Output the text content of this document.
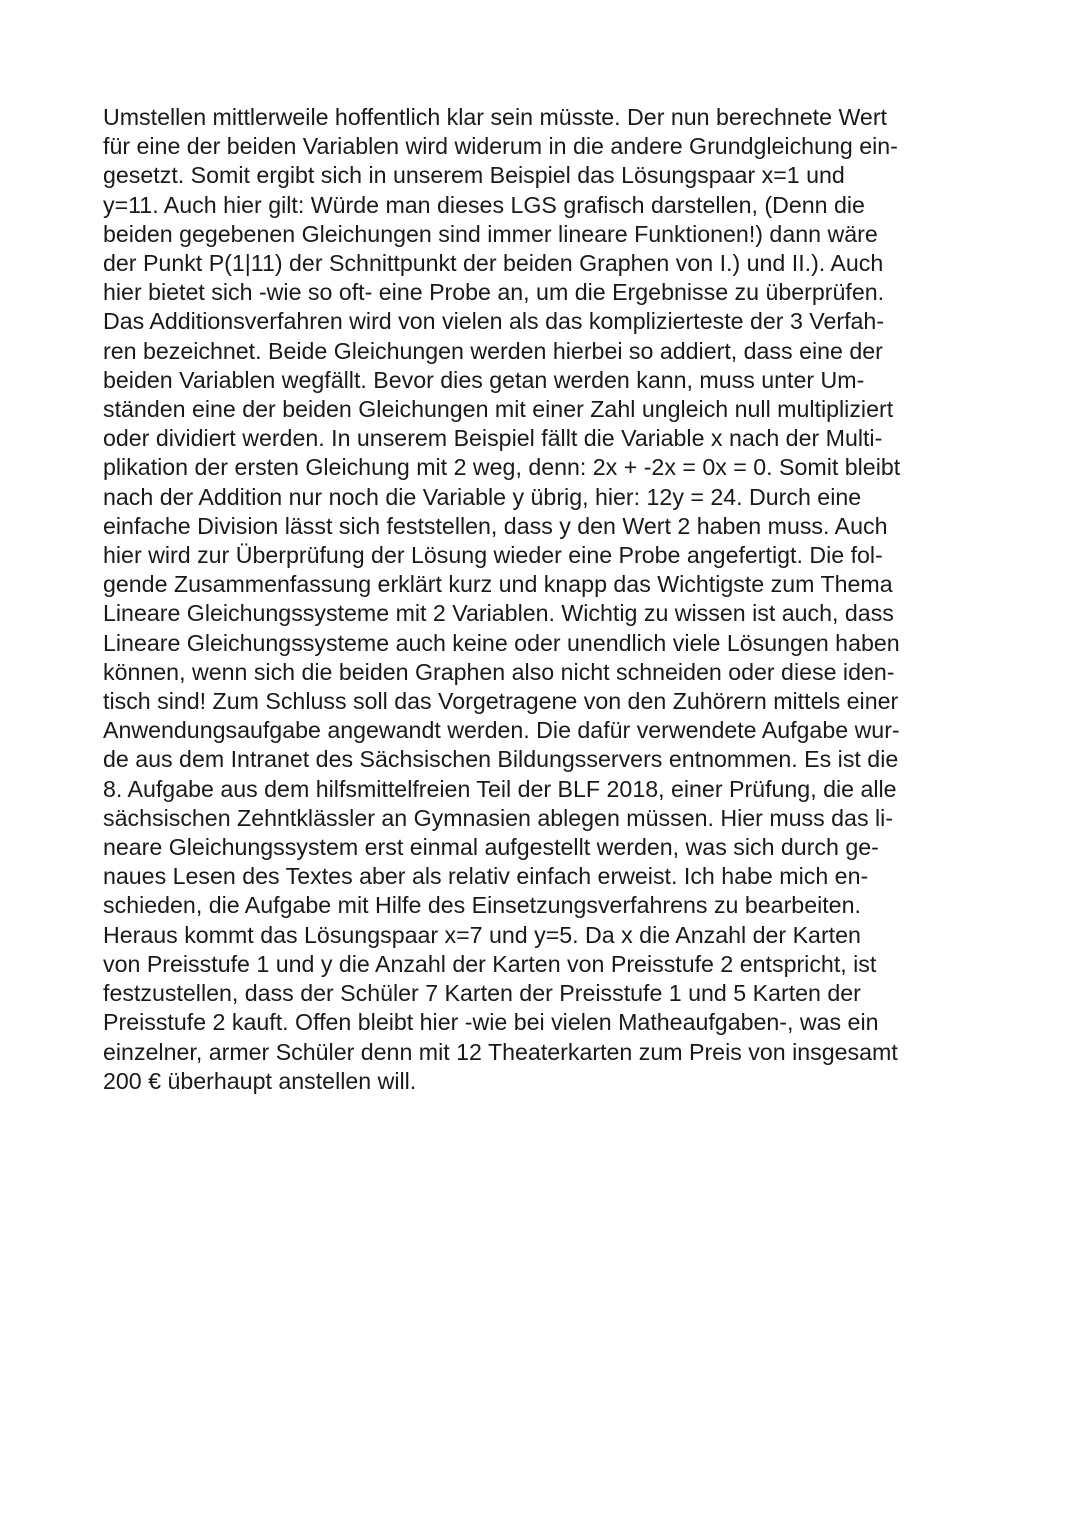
Umstellen mittlerweile hoffentlich klar sein müsste. Der nun berechnete Wert
für eine der beiden Variablen wird widerum in die andere Grundgleichung ein-
gesetzt. Somit ergibt sich in unserem Beispiel das Lösungspaar x=1 und
y=11. Auch hier gilt: Würde man dieses LGS grafisch darstellen, (Denn die
beiden gegebenen Gleichungen sind immer lineare Funktionen!) dann wäre
der Punkt P(1|11) der Schnittpunkt der beiden Graphen von I.) und II.). Auch
hier bietet sich -wie so oft- eine Probe an, um die Ergebnisse zu überprüfen.
Das Additionsverfahren wird von vielen als das komplizierteste der 3 Verfah-
ren bezeichnet. Beide Gleichungen werden hierbei so addiert, dass eine der
beiden Variablen wegfällt. Bevor dies getan werden kann, muss unter Um-
ständen eine der beiden Gleichungen mit einer Zahl ungleich null multipliziert
oder dividiert werden. In unserem Beispiel fällt die Variable x nach der Multi-
plikation der ersten Gleichung mit 2 weg, denn: 2x + -2x = 0x = 0. Somit bleibt
nach der Addition nur noch die Variable y übrig, hier: 12y = 24. Durch eine
einfache Division lässt sich feststellen, dass y den Wert 2 haben muss. Auch
hier wird zur Überprüfung der Lösung wieder eine Probe angefertigt. Die fol-
gende Zusammenfassung erklärt kurz und knapp das Wichtigste zum Thema
Lineare Gleichungssysteme mit 2 Variablen. Wichtig zu wissen ist auch, dass
Lineare Gleichungssysteme auch keine oder unendlich viele Lösungen haben
können, wenn sich die beiden Graphen also nicht schneiden oder diese iden-
tisch sind! Zum Schluss soll das Vorgetragene von den Zuhörern mittels einer
Anwendungsaufgabe angewandt werden. Die dafür verwendete Aufgabe wur-
de aus dem Intranet des Sächsischen Bildungsservers entnommen. Es ist die
8. Aufgabe aus dem hilfsmittelfreien Teil der BLF 2018, einer Prüfung, die alle
sächsischen Zehntklässler an Gymnasien ablegen müssen. Hier muss das li-
neare Gleichungssystem erst einmal aufgestellt werden, was sich durch ge-
naues Lesen des Textes aber als relativ einfach erweist. Ich habe mich en-
schieden, die Aufgabe mit Hilfe des Einsetzungsverfahrens zu bearbeiten.
Heraus kommt das Lösungspaar x=7 und y=5. Da x die Anzahl der Karten
von Preisstufe 1 und y die Anzahl der Karten von Preisstufe 2 entspricht, ist
festzustellen, dass der Schüler 7 Karten der Preisstufe 1 und 5 Karten der
Preisstufe 2 kauft. Offen bleibt hier -wie bei vielen Matheaufgaben-, was ein
einzelner, armer Schüler denn mit 12 Theaterkarten zum Preis von insgesamt
200 € überhaupt anstellen will.
